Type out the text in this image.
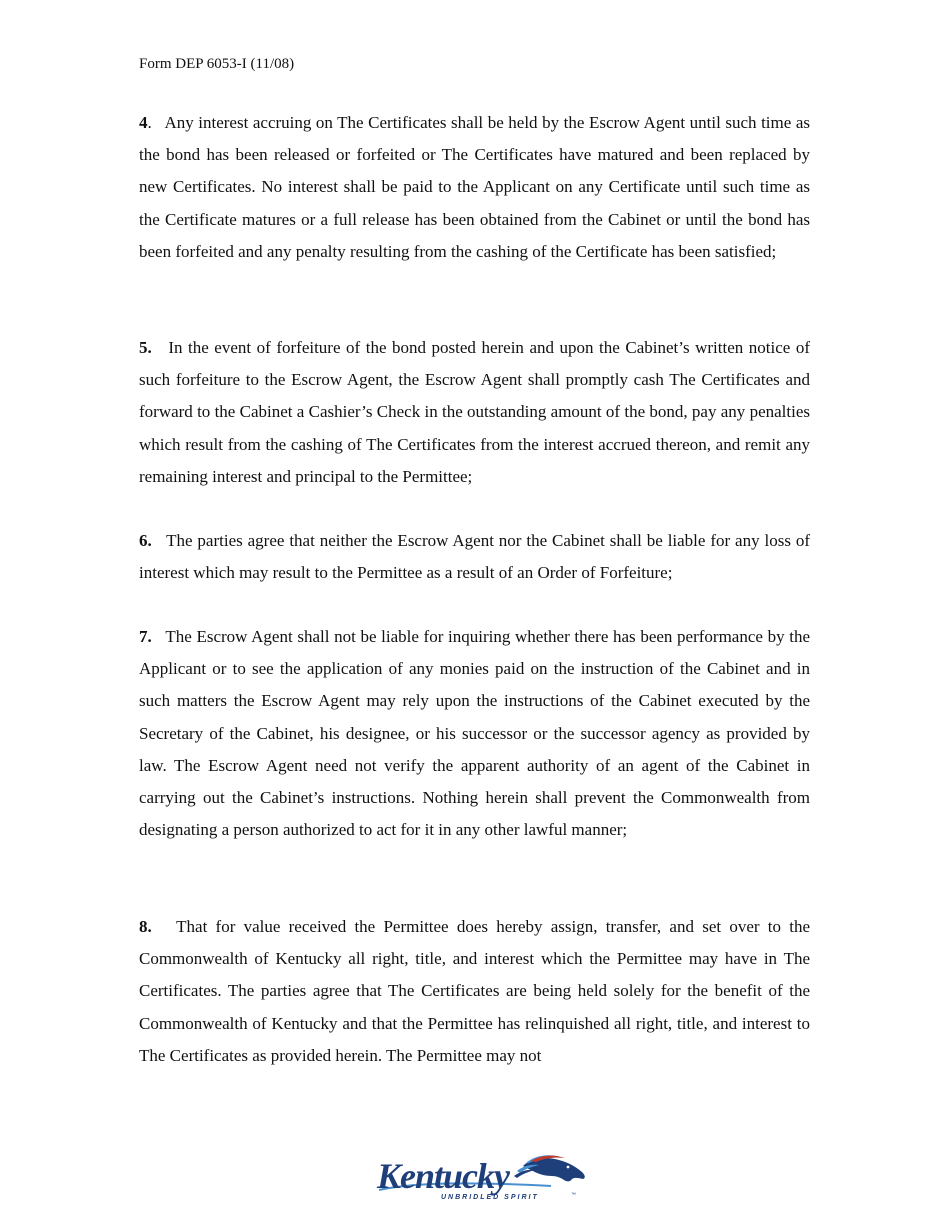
Form DEP 6053-I (11/08)

4.   Any interest accruing on The Certificates shall be held by the Escrow Agent until such time as the bond has been released or forfeited or The Certificates have matured and been replaced by new Certificates. No interest shall be paid to the Applicant on any Certificate until such time as the Certificate matures or a full release has been obtained from the Cabinet or until the bond has been forfeited and any penalty resulting from the cashing of the Certificate has been satisfied;

5. In the event of forfeiture of the bond posted herein and upon the Cabinet’s written notice of such forfeiture to the Escrow Agent, the Escrow Agent shall promptly cash The Certificates and forward to the Cabinet a Cashier’s Check in the outstanding amount of the bond, pay any penalties which result from the cashing of The Certificates from the interest accrued thereon, and remit any remaining interest and principal to the Permittee;

6. The parties agree that neither the Escrow Agent nor the Cabinet shall be liable for any loss of interest which may result to the Permittee as a result of an Order of Forfeiture;

7. The Escrow Agent shall not be liable for inquiring whether there has been performance by the Applicant or to see the application of any monies paid on the instruction of the Cabinet and in such matters the Escrow Agent may rely upon the instructions of the Cabinet executed by the Secretary of the Cabinet, his designee, or his successor or the successor agency as provided by law. The Escrow Agent need not verify the apparent authority of an agent of the Cabinet in carrying out the Cabinet’s instructions. Nothing herein shall prevent the Commonwealth from designating a person authorized to act for it in any other lawful manner;

8. That for value received the Permittee does hereby assign, transfer, and set over to the Commonwealth of Kentucky all right, title, and interest which the Permittee may have in The Certificates. The parties agree that The Certificates are being held solely for the benefit of the Commonwealth of Kentucky and that the Permittee has relinquished all right, title, and interest to The Certificates as provided herein. The Permittee may not

Kentucky
UNBRIDLED SPIRIT	™
